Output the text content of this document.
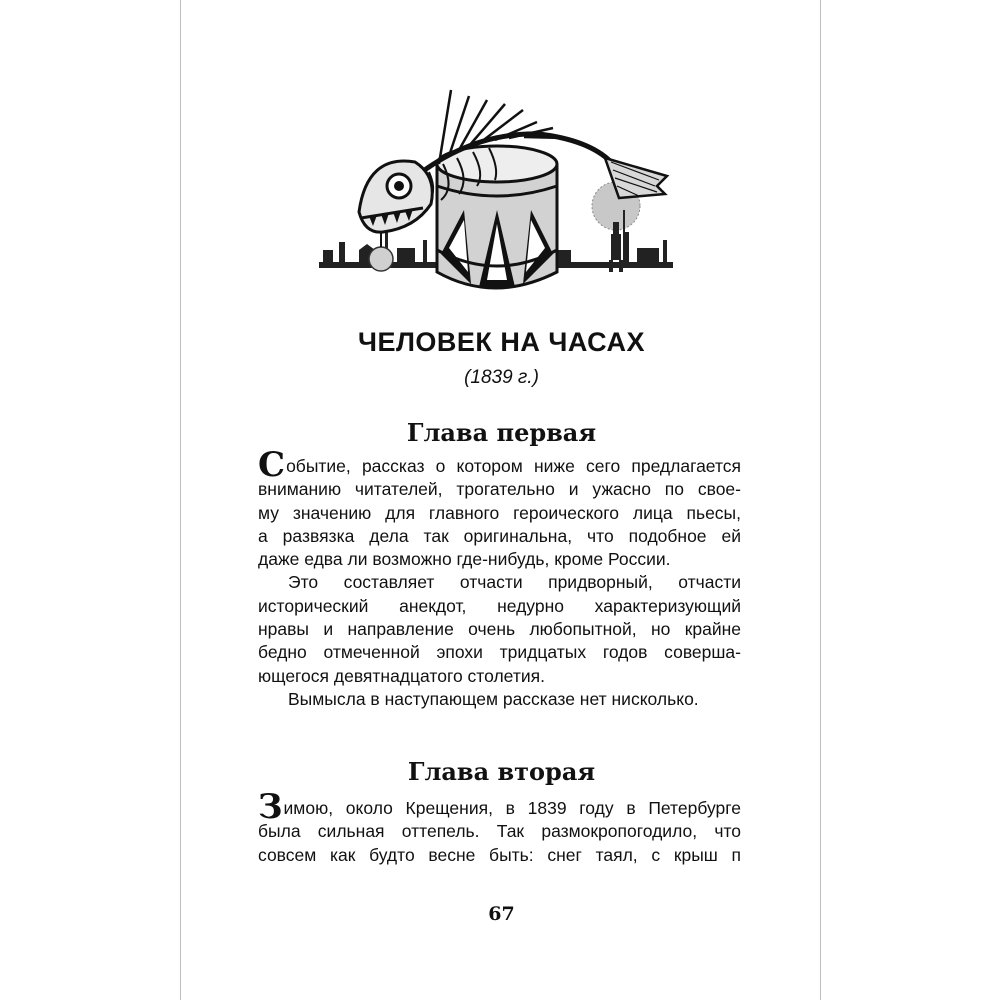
ЧЕЛОВЕК НА ЧАСАХ
(1839 г.)
Глава первая
Событие, рассказ о котором ниже сего предлагается
вниманию читателей, трогательно и ужасно по свое-
му значению для главного героического лица пьесы,
а развязка дела так оригинальна, что подобное ей
даже едва ли возможно где-нибудь, кроме России.
Это составляет отчасти придворный, отчасти
исторический анекдот, недурно характеризующий
нравы и направление очень любопытной, но крайне
бедно отмеченной эпохи тридцатых годов соверша-
ющегося девятнадцатого столетия.
Вымысла в наступающем рассказе нет нисколько.
Глава вторая
Зимою, около Крещения, в 1839 году в Петербурге
была сильная оттепель. Так размокропогодило, что
совсем как будто весне быть: снег таял, с крыш п
67
